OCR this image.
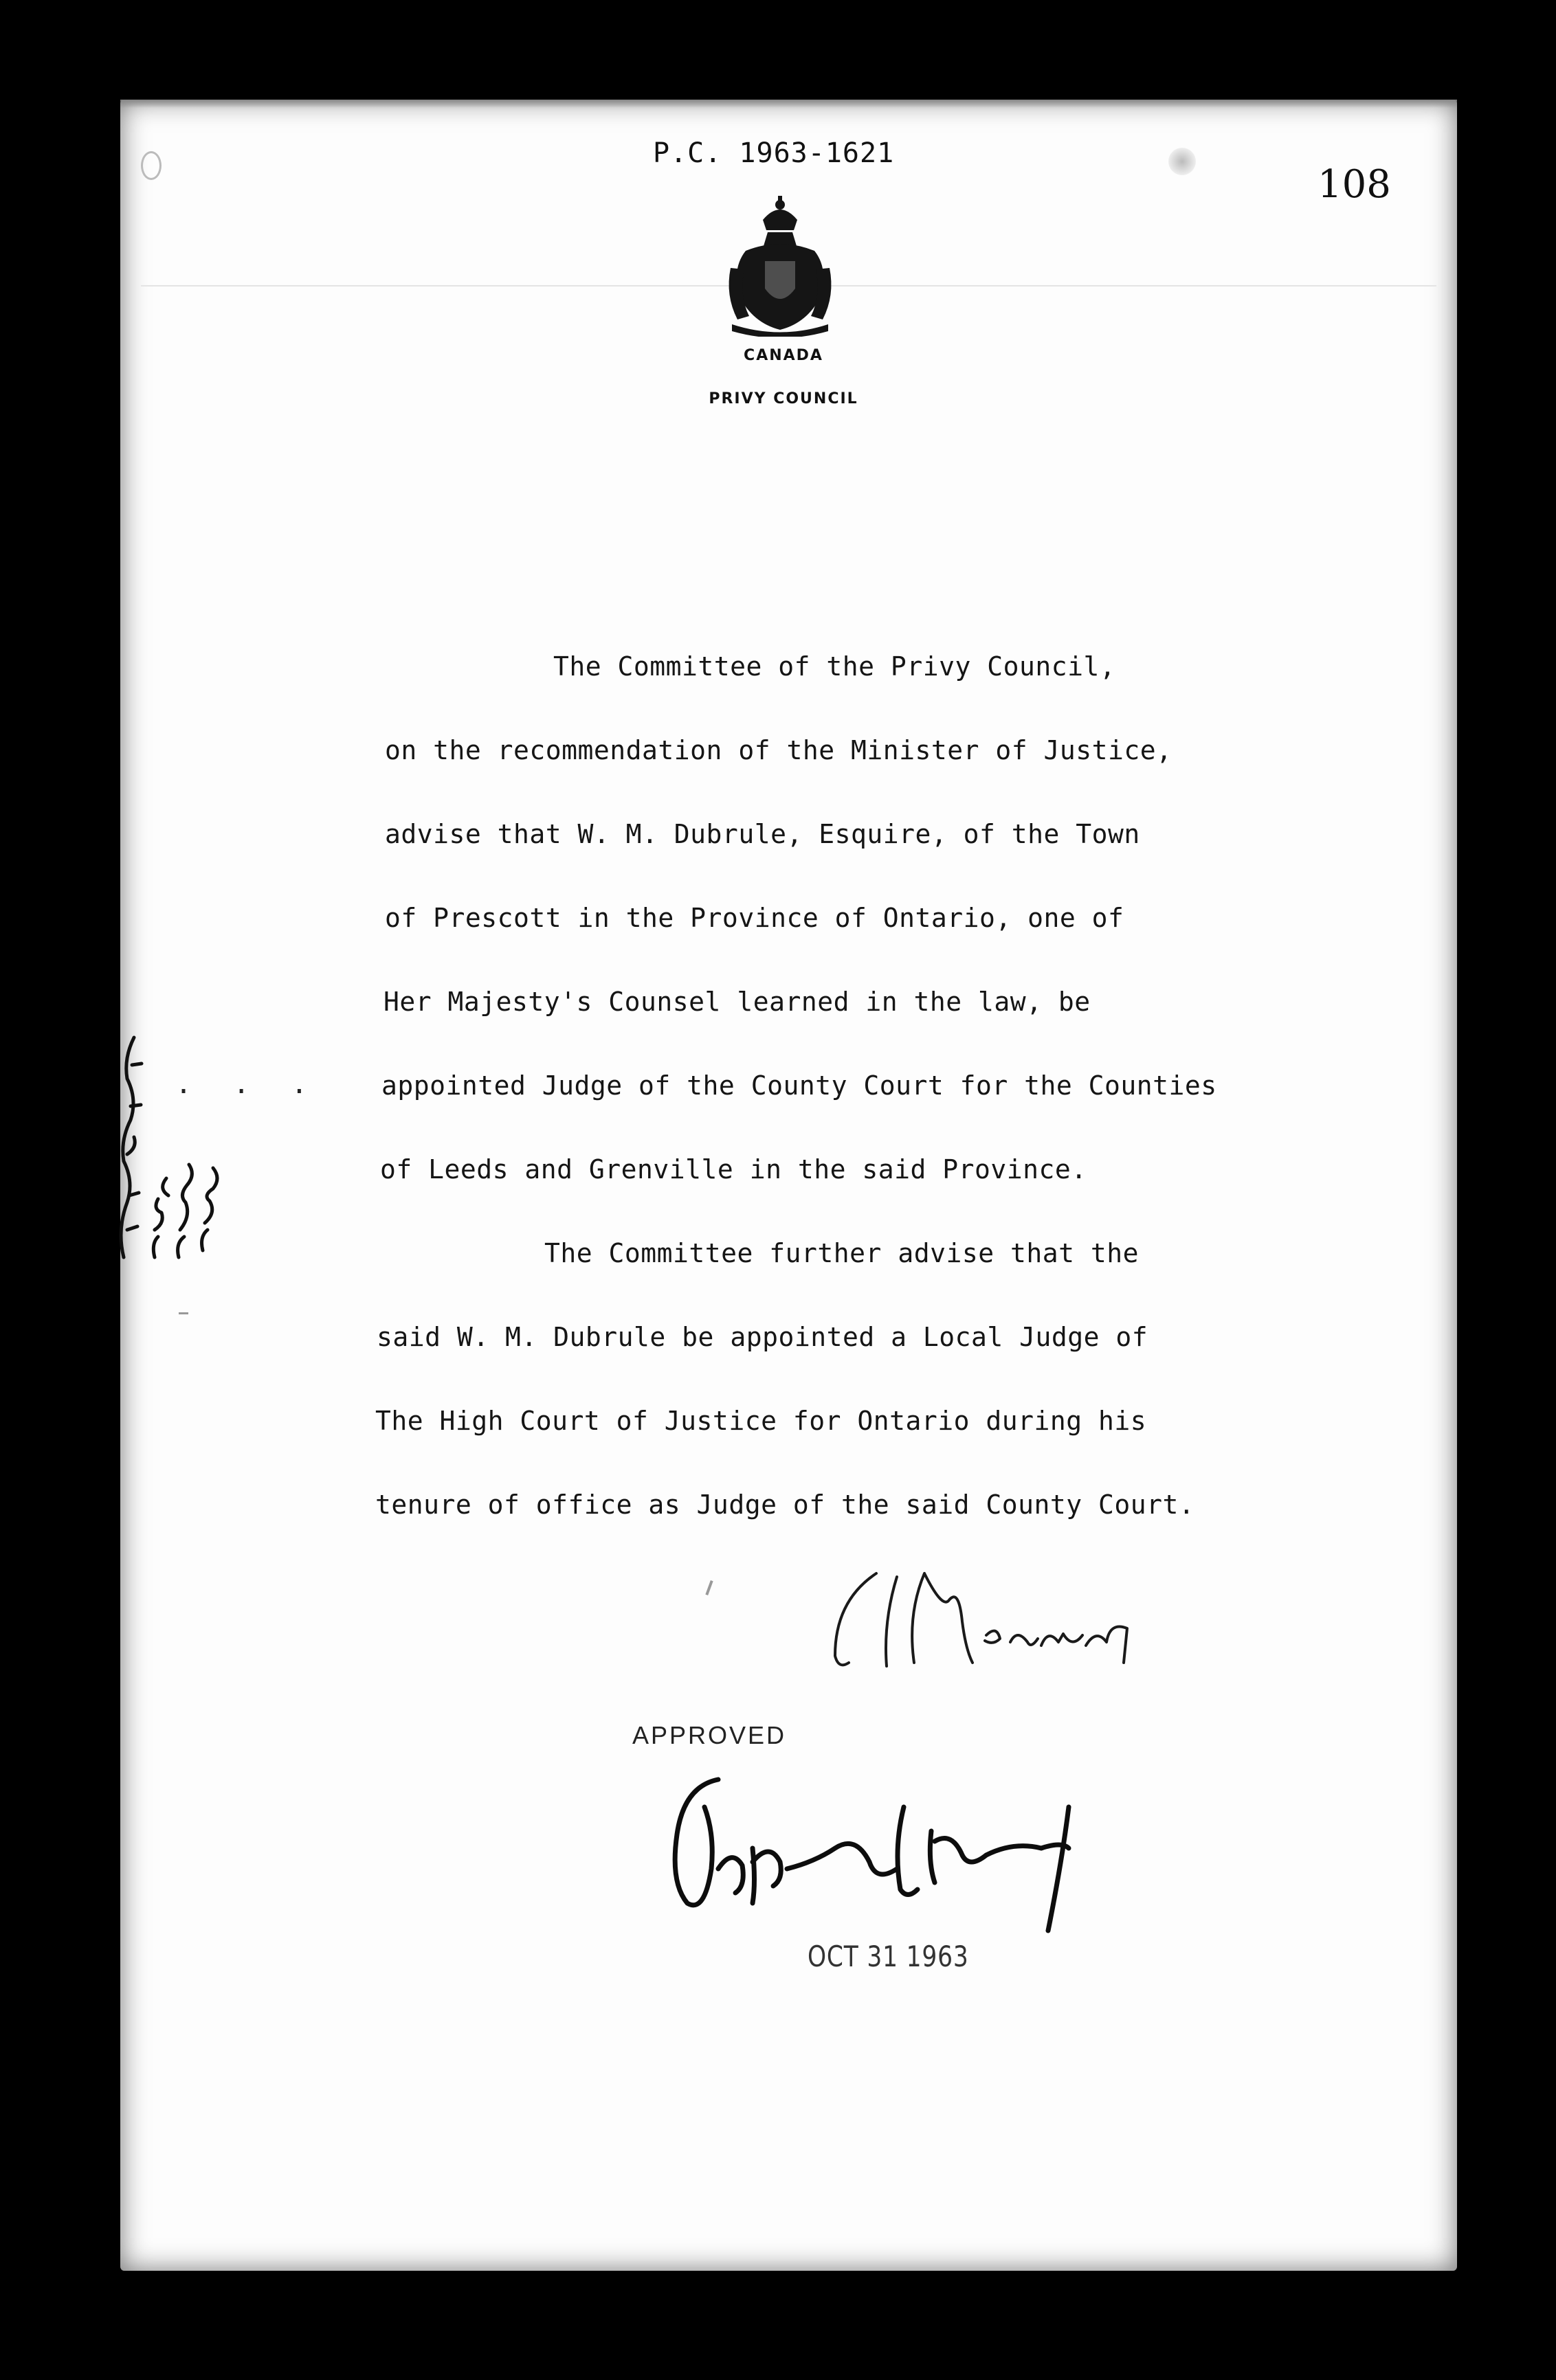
P.C. 1963-1621
108
CANADA
PRIVY COUNCIL
The Committee of the Privy Council,
on the recommendation of the Minister of Justice,
advise that W. M. Dubrule, Esquire, of the Town
of Prescott in the Province of Ontario, one of
Her Majesty's Counsel learned in the law, be
appointed Judge of the County Court for the Counties
of Leeds and Grenville in the said Province.
The Committee further advise that the
said W. M. Dubrule be appointed a Local Judge of
The High Court of Justice for Ontario during his
tenure of office as Judge of the said County Court.
. . .
APPROVED
OCT 31 1963
